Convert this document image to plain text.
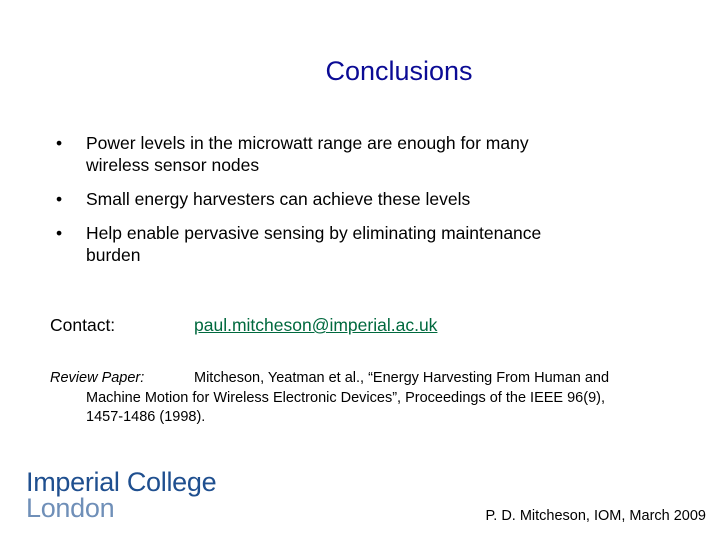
Conclusions
•	Power levels in the microwatt range are enough for many
wireless sensor nodes
•	Small energy harvesters can achieve these levels
•	Help enable pervasive sensing by eliminating maintenance
burden
Contact:	paul.mitcheson@imperial.ac.uk
Review Paper:	Mitcheson, Yeatman et al., “Energy Harvesting From Human and
Machine Motion for Wireless Electronic Devices”, Proceedings of the IEEE 96(9),
1457-1486 (1998).
Imperial College
London	P. D. Mitcheson, IOM, March 2009
